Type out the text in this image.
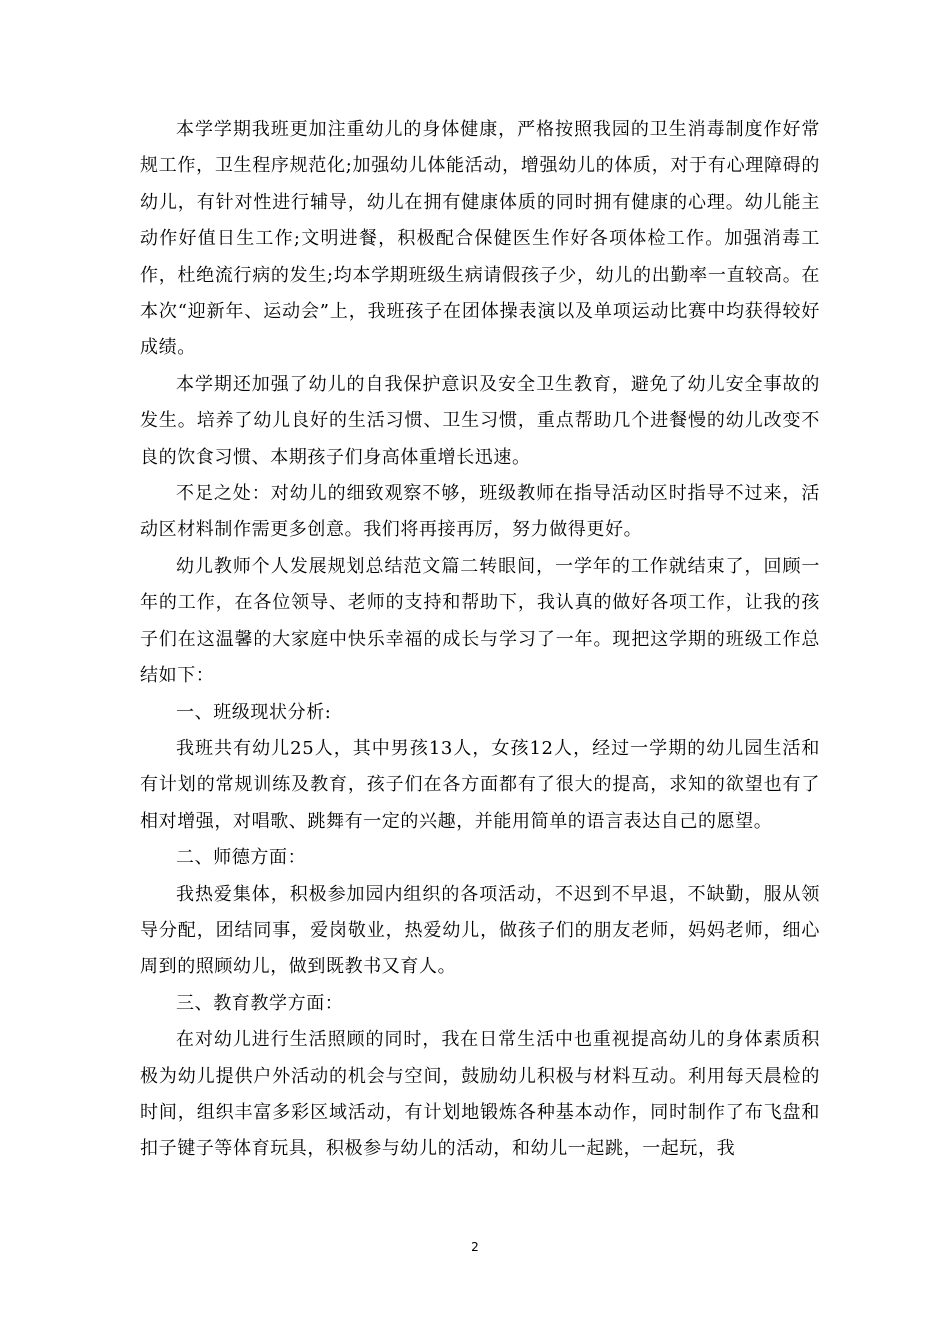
本学学期我班更加注重幼儿的身体健康，严格按照我园的卫生消毒制度作好常规工作，卫生程序规范化;加强幼儿体能活动，增强幼儿的体质，对于有心理障碍的幼儿，有针对性进行辅导，幼儿在拥有健康体质的同时拥有健康的心理。幼儿能主动作好值日生工作;文明进餐，积极配合保健医生作好各项体检工作。加强消毒工作，杜绝流行病的发生;均本学期班级生病请假孩子少，幼儿的出勤率一直较高。在本次“迎新年、运动会”上，我班孩子在团体操表演以及单项运动比赛中均获得较好成绩。

本学期还加强了幼儿的自我保护意识及安全卫生教育，避免了幼儿安全事故的发生。培养了幼儿良好的生活习惯、卫生习惯，重点帮助几个进餐慢的幼儿改变不良的饮食习惯、本期孩子们身高体重增长迅速。

不足之处：对幼儿的细致观察不够，班级教师在指导活动区时指导不过来，活动区材料制作需更多创意。我们将再接再厉，努力做得更好。

幼儿教师个人发展规划总结范文篇二转眼间，一学年的工作就结束了，回顾一年的工作，在各位领导、老师的支持和帮助下，我认真的做好各项工作，让我的孩子们在这温馨的大家庭中快乐幸福的成长与学习了一年。现把这学期的班级工作总结如下：

一、班级现状分析:

我班共有幼儿25人，其中男孩13人，女孩12人，经过一学期的幼儿园生活和有计划的常规训练及教育，孩子们在各方面都有了很大的提高，求知的欲望也有了相对增强，对唱歌、跳舞有一定的兴趣，并能用简单的语言表达自己的愿望。

二、师德方面：

我热爱集体，积极参加园内组织的各项活动，不迟到不早退，不缺勤，服从领导分配，团结同事，爱岗敬业，热爱幼儿，做孩子们的朋友老师，妈妈老师，细心周到的照顾幼儿，做到既教书又育人。

三、教育教学方面：

在对幼儿进行生活照顾的同时，我在日常生活中也重视提高幼儿的身体素质积极为幼儿提供户外活动的机会与空间，鼓励幼儿积极与材料互动。利用每天晨检的时间，组织丰富多彩区域活动，有计划地锻炼各种基本动作，同时制作了布飞盘和扣子键子等体育玩具，积极参与幼儿的活动，和幼儿一起跳，一起玩，我

2
